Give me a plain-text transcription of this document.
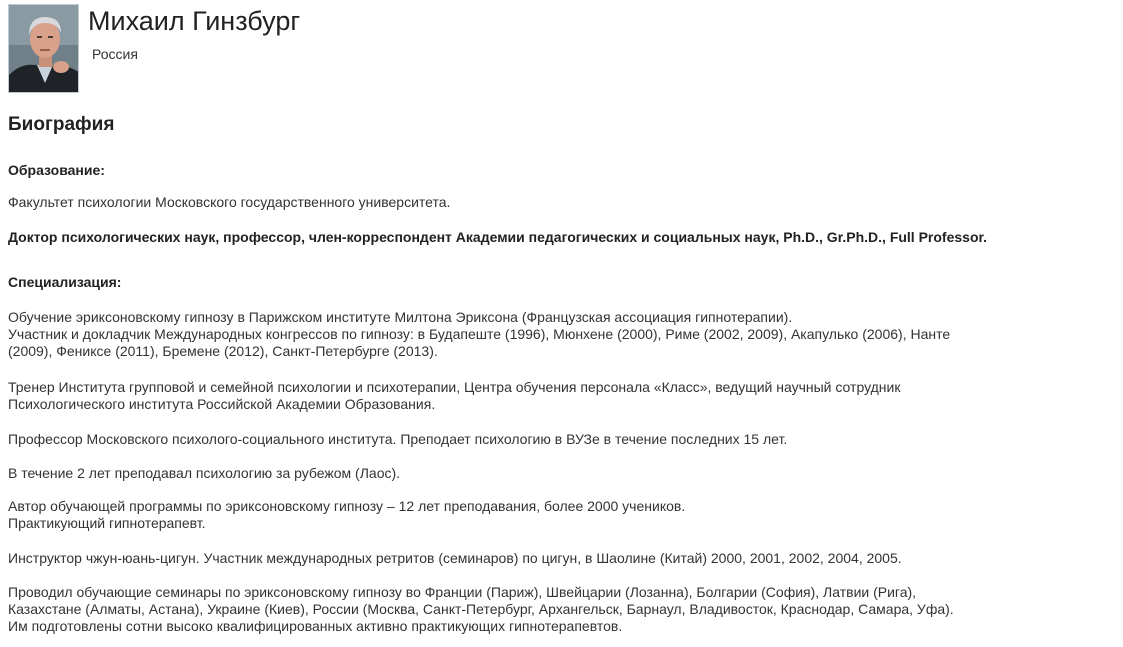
Михаил Гинзбург
Россия
Биография
Образование:
Факультет психологии Московского государственного университета.
Доктор психологических наук, профессор, член-корреспондент Академии педагогических и социальных наук, Ph.D., Gr.Ph.D., Full Professor.
Специализация:

Обучение эриксоновскому гипнозу в Парижском институте Милтона Эриксона (Французская ассоциация гипнотерапии).

Участник и докладчик Международных конгрессов по гипнозу: в Будапеште (1996), Мюнхене (2000), Риме (2002, 2009), Акапулько (2006), Нанте

(2009), Фениксе (2011), Бремене (2012), Санкт-Петербурге (2013).

Тренер Института групповой и семейной психологии и психотерапии, Центра обучения персонала «Класс», ведущий научный сотрудник

Психологического института Российской Академии Образования.

Профессор Московского психолого-социального института. Преподает психологию в ВУЗе в течение последних 15 лет.

В течение 2 лет преподавал психологию за рубежом (Лаос).

Автор обучающей программы по эриксоновскому гипнозу – 12 лет преподавания, более 2000 учеников.

Практикующий гипнотерапевт.

Инструктор чжун-юань-цигун. Участник международных ретритов (семинаров) по цигун, в Шаолине (Китай) 2000, 2001, 2002, 2004, 2005.

Проводил обучающие семинары по эриксоновскому гипнозу во Франции (Париж), Швейцарии (Лозанна), Болгарии (София), Латвии (Рига),

Казахстане (Алматы, Астана), Украине (Киев), России (Москва, Санкт-Петербург, Архангельск, Барнаул, Владивосток, Краснодар, Самара, Уфа).

Им подготовлены сотни высоко квалифицированных активно практикующих гипнотерапевтов.
